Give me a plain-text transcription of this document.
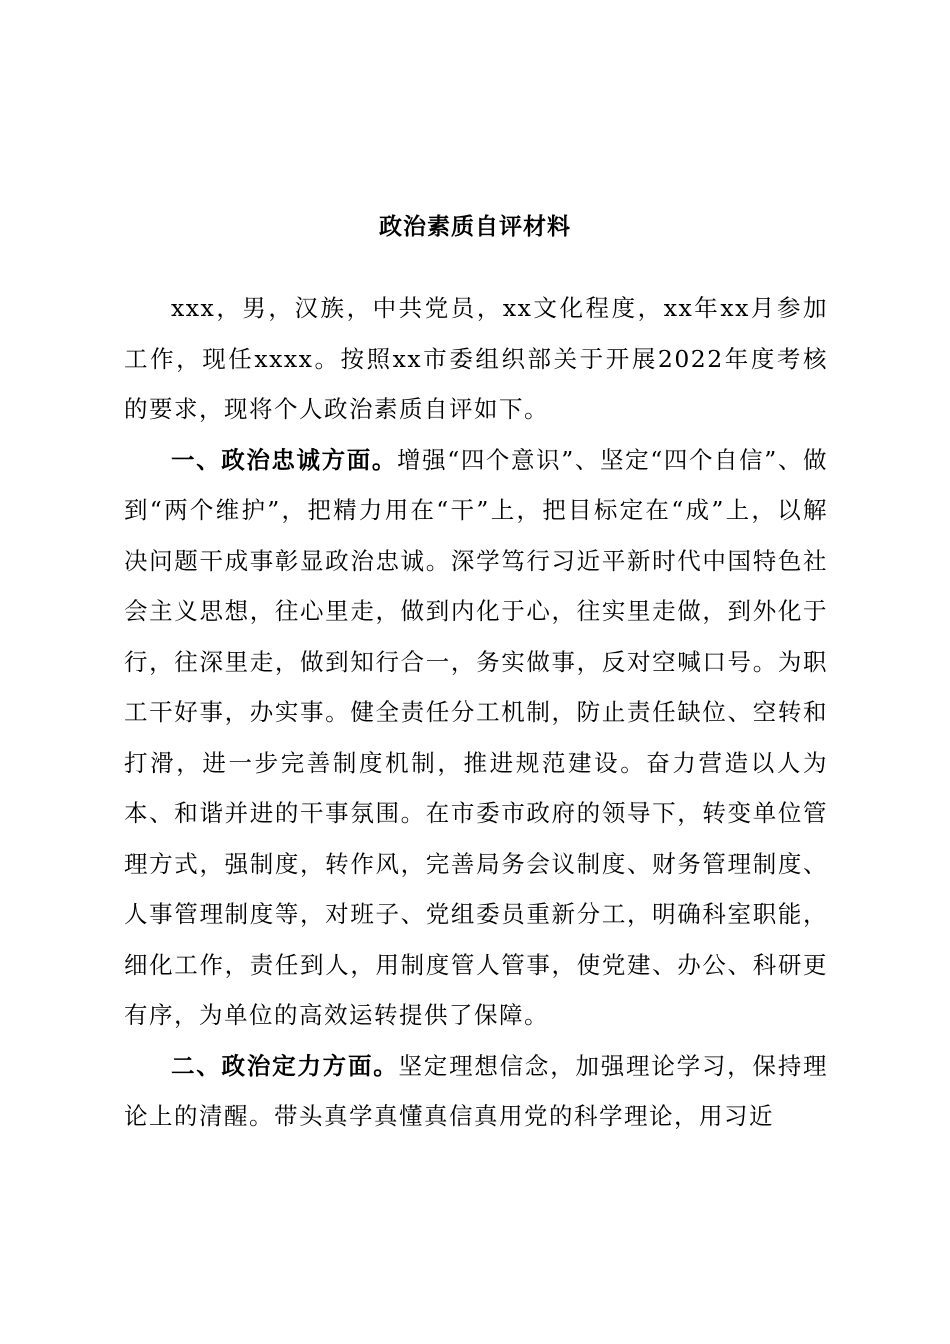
政治素质自评材料

xxx，男，汉族，中共党员，xx文化程度，xx年xx月参加工作，现任xxxx。按照xx市委组织部关于开展2022年度考核的要求，现将个人政治素质自评如下。

一、政治忠诚方面。增强“四个意识”、坚定“四个自信”、做到“两个维护”，把精力用在“干”上，把目标定在“成”上，以解决问题干成事彰显政治忠诚。深学笃行习近平新时代中国特色社会主义思想，往心里走，做到内化于心，往实里走做，到外化于行，往深里走，做到知行合一，务实做事，反对空喊口号。为职工干好事，办实事。健全责任分工机制，防止责任缺位、空转和打滑，进一步完善制度机制，推进规范建设。奋力营造以人为本、和谐并进的干事氛围。在市委市政府的领导下，转变单位管理方式，强制度，转作风，完善局务会议制度、财务管理制度、人事管理制度等，对班子、党组委员重新分工，明确科室职能，细化工作，责任到人，用制度管人管事，使党建、办公、科研更有序，为单位的高效运转提供了保障。

二、政治定力方面。坚定理想信念，加强理论学习，保持理论上的清醒。带头真学真懂真信真用党的科学理论，用习近
